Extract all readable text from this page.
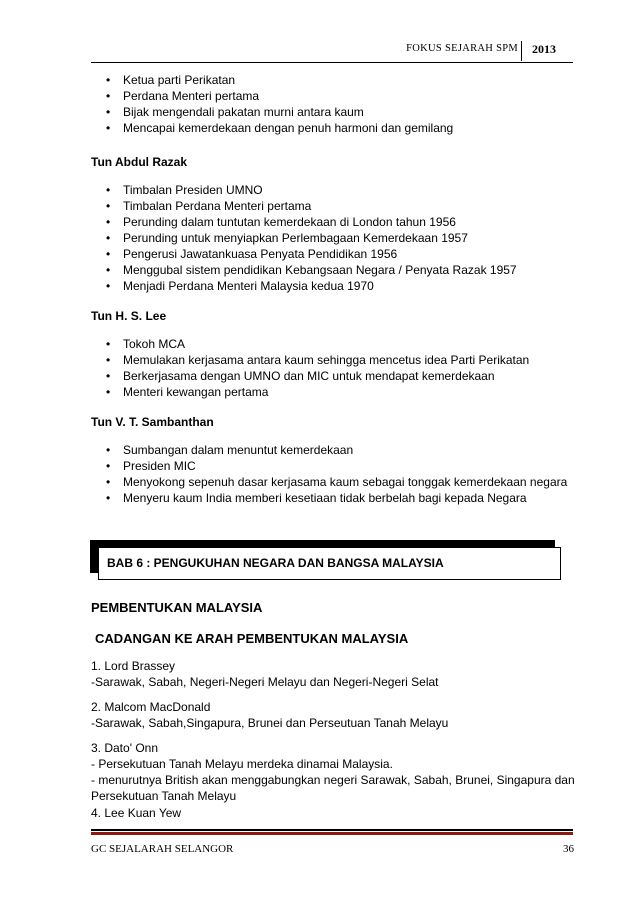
FOKUS SEJARAH SPM 2013
• Ketua parti Perikatan
• Perdana Menteri pertama
• Bijak mengendali pakatan murni antara kaum
• Mencapai kemerdekaan dengan penuh harmoni dan gemilang
Tun Abdul Razak
• Timbalan Presiden UMNO
• Timbalan Perdana Menteri pertama
• Perunding dalam tuntutan kemerdekaan di London tahun 1956
• Perunding untuk menyiapkan Perlembagaan Kemerdekaan 1957
• Pengerusi Jawatankuasa Penyata Pendidikan 1956
• Menggubal sistem pendidikan Kebangsaan Negara / Penyata Razak 1957
• Menjadi Perdana Menteri Malaysia kedua 1970
Tun H. S. Lee
• Tokoh MCA
• Memulakan kerjasama antara kaum sehingga mencetus idea Parti Perikatan
• Berkerjasama dengan UMNO dan MIC untuk mendapat kemerdekaan
• Menteri kewangan pertama
Tun V. T. Sambanthan
• Sumbangan dalam menuntut kemerdekaan
• Presiden MIC
• Menyokong sepenuh dasar kerjasama kaum sebagai tonggak kemerdekaan negara
• Menyeru kaum India memberi kesetiaan tidak berbelah bagi kepada Negara
BAB 6 : PENGUKUHAN NEGARA DAN BANGSA MALAYSIA
PEMBENTUKAN MALAYSIA
CADANGAN KE ARAH PEMBENTUKAN MALAYSIA
1. Lord Brassey
-Sarawak, Sabah, Negeri-Negeri Melayu dan Negeri-Negeri Selat
2. Malcom MacDonald
-Sarawak, Sabah,Singapura, Brunei dan Perseutuan Tanah Melayu
3. Dato' Onn
- Persekutuan Tanah Melayu merdeka dinamai Malaysia.
- menurutnya British akan menggabungkan negeri Sarawak, Sabah, Brunei, Singapura dan
Persekutuan Tanah Melayu
4. Lee Kuan Yew
GC SEJALARAH SELANGOR	36
